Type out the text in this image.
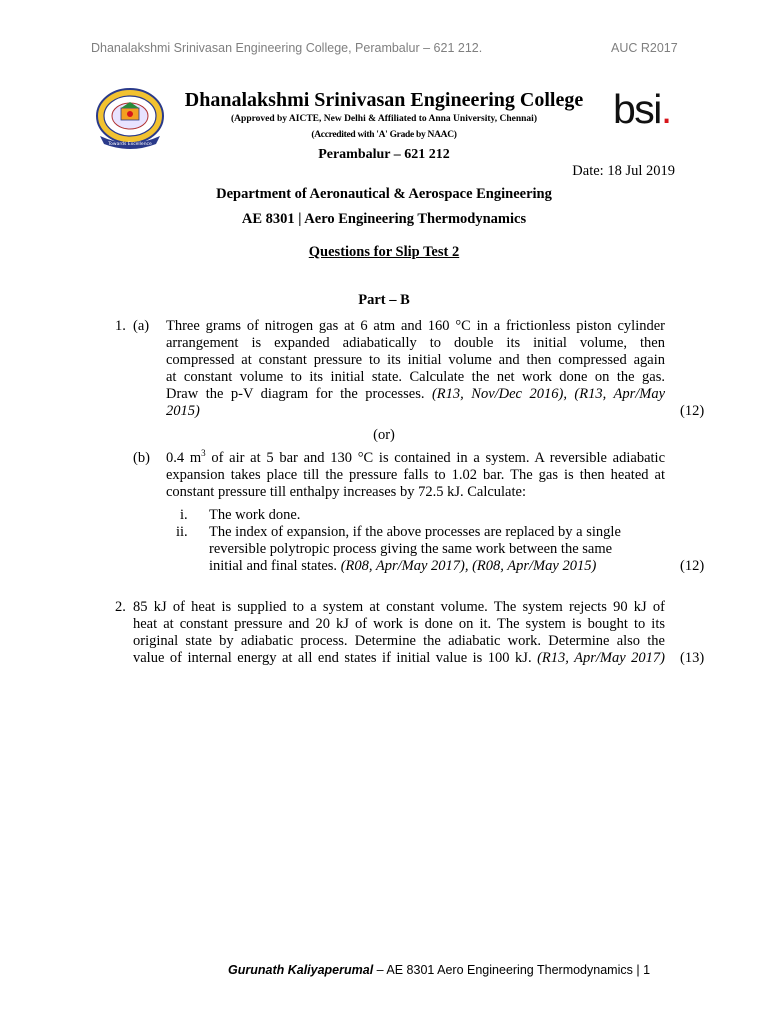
Dhanalakshmi Srinivasan Engineering College, Perambalur – 621 212.	AUC R2017
Towards Excellence
bsi.
Dhanalakshmi Srinivasan Engineering College
(Approved by AICTE, New Delhi & Affiliated to Anna University, Chennai)
(Accredited with 'A' Grade by NAAC)
Perambalur – 621 212
Date: 18 Jul 2019
Department of Aeronautical & Aerospace Engineering
AE 8301 | Aero Engineering Thermodynamics
Questions for Slip Test 2
Part – B
1. (a) Three grams of nitrogen gas at 6 atm and 160 °C in a frictionless piston cylinder
arrangement is expanded adiabatically to double its initial volume, then
compressed at constant pressure to its initial volume and then compressed again
at constant volume to its initial state. Calculate the net work done on the gas.
Draw the p-V diagram for the processes. (R13, Nov/Dec 2016), (R13, Apr/May
2015)	(12)
(or)
(b) 0.4 $m^3$ of air at 5 bar and 130 °C is contained in a system. A reversible adiabatic
expansion takes place till the pressure falls to 1.02 bar. The gas is then heated at
constant pressure till enthalpy increases by 72.5 kJ. Calculate:
i. The work done.
ii. The index of expansion, if the above processes are replaced by a single
reversible polytropic process giving the same work between the same
initial and final states. (R08, Apr/May 2017), (R08, Apr/May 2015)	(12)
2. 85 kJ of heat is supplied to a system at constant volume. The system rejects 90 kJ of
heat at constant pressure and 20 kJ of work is done on it. The system is bought to its
original state by adiabatic process. Determine the adiabatic work. Determine also the
value of internal energy at all end states if initial value is 100 kJ. (R13, Apr/May 2017) (13)
Gurunath Kaliyaperumal – AE 8301 Aero Engineering Thermodynamics | 1
